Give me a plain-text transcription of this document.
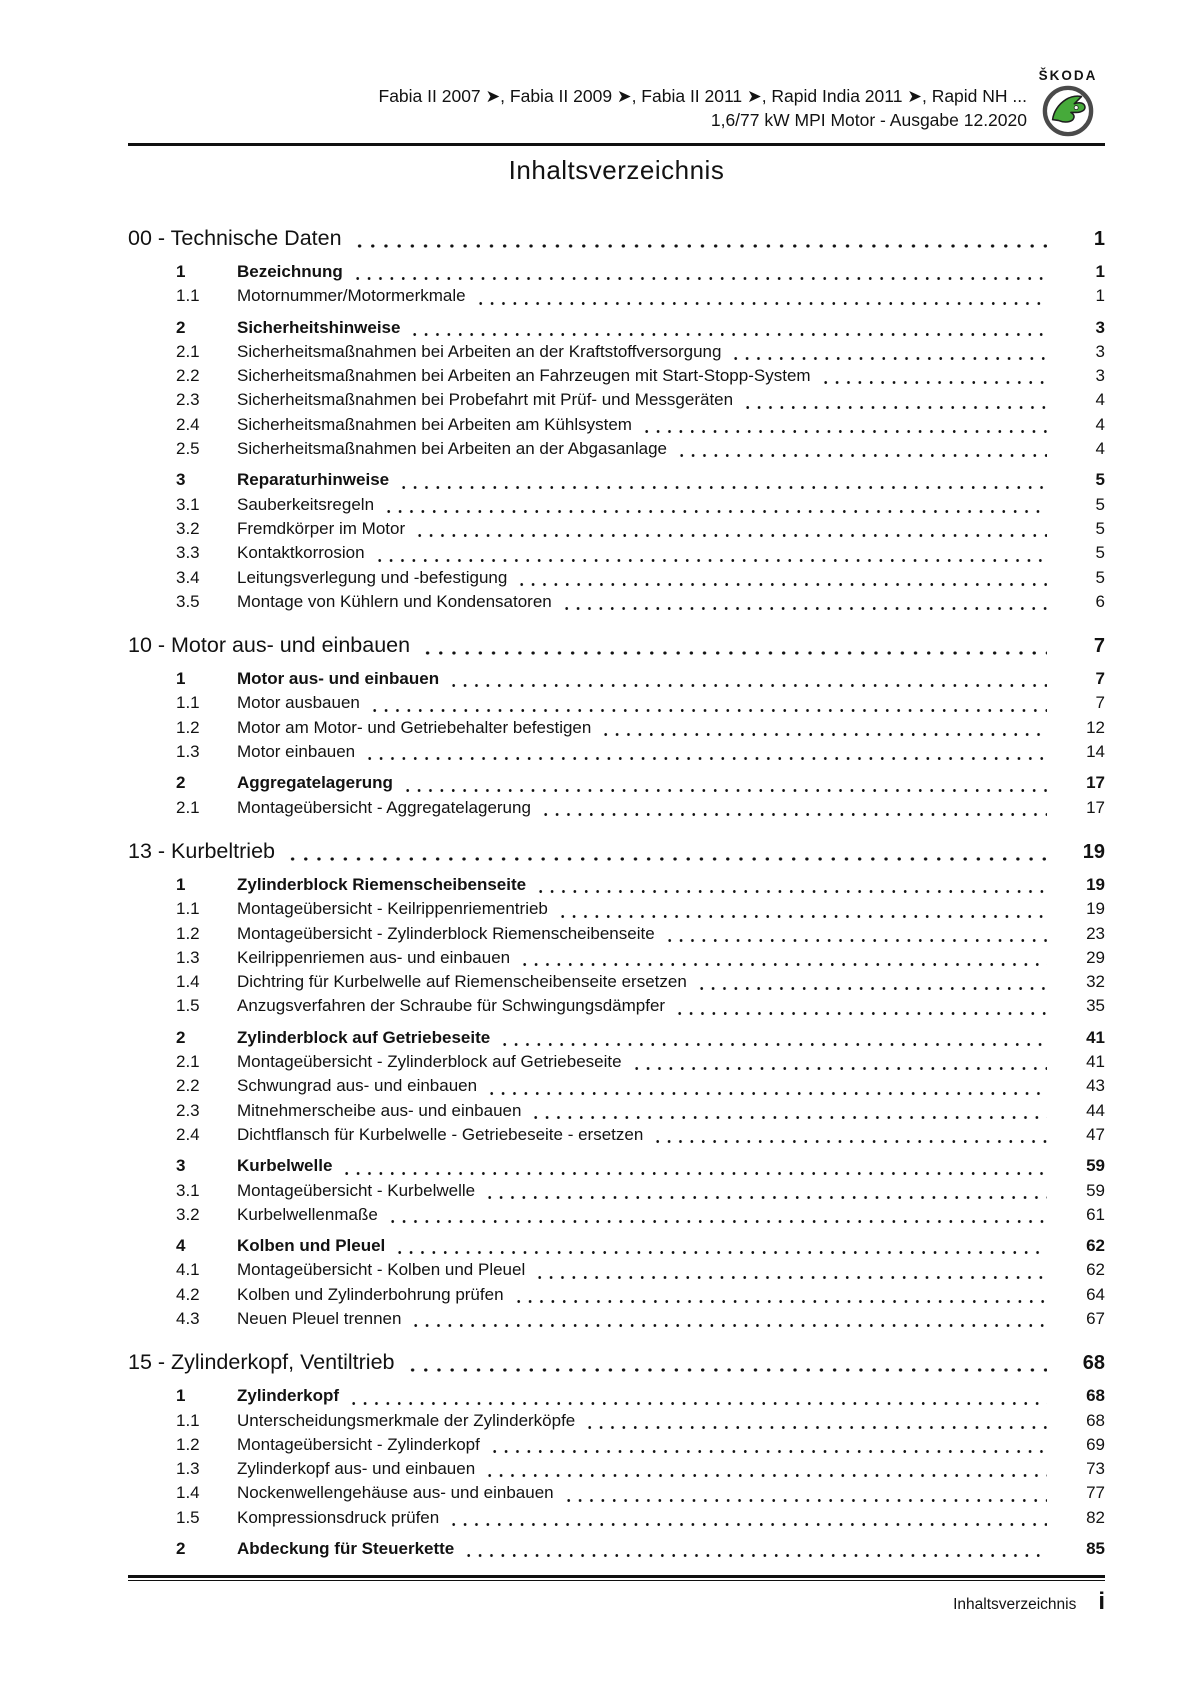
Fabia II 2007 ➤, Fabia II 2009 ➤, Fabia II 2011 ➤, Rapid India 2011 ➤, Rapid NH ...
1,6/77 kW MPI Motor - Ausgabe 12.2020
ŠKODA
Inhaltsverzeichnis
00 - Technische Daten	1
1	Bezeichnung	1
1.1	Motornummer/Motormerkmale	1
2	Sicherheitshinweise	3
2.1	Sicherheitsmaßnahmen bei Arbeiten an der Kraftstoffversorgung	3
2.2	Sicherheitsmaßnahmen bei Arbeiten an Fahrzeugen mit Start-Stopp-System	3
2.3	Sicherheitsmaßnahmen bei Probefahrt mit Prüf- und Messgeräten	4
2.4	Sicherheitsmaßnahmen bei Arbeiten am Kühlsystem	4
2.5	Sicherheitsmaßnahmen bei Arbeiten an der Abgasanlage	4
3	Reparaturhinweise	5
3.1	Sauberkeitsregeln	5
3.2	Fremdkörper im Motor	5
3.3	Kontaktkorrosion	5
3.4	Leitungsverlegung und -befestigung	5
3.5	Montage von Kühlern und Kondensatoren	6
10 - Motor aus- und einbauen	7
1	Motor aus- und einbauen	7
1.1	Motor ausbauen	7
1.2	Motor am Motor- und Getriebehalter befestigen	12
1.3	Motor einbauen	14
2	Aggregatelagerung	17
2.1	Montageübersicht - Aggregatelagerung	17
13 - Kurbeltrieb	19
1	Zylinderblock Riemenscheibenseite	19
1.1	Montageübersicht - Keilrippenriementrieb	19
1.2	Montageübersicht - Zylinderblock Riemenscheibenseite	23
1.3	Keilrippenriemen aus- und einbauen	29
1.4	Dichtring für Kurbelwelle auf Riemenscheibenseite ersetzen	32
1.5	Anzugsverfahren der Schraube für Schwingungsdämpfer	35
2	Zylinderblock auf Getriebeseite	41
2.1	Montageübersicht - Zylinderblock auf Getriebeseite	41
2.2	Schwungrad aus- und einbauen	43
2.3	Mitnehmerscheibe aus- und einbauen	44
2.4	Dichtflansch für Kurbelwelle - Getriebeseite - ersetzen	47
3	Kurbelwelle	59
3.1	Montageübersicht - Kurbelwelle	59
3.2	Kurbelwellenmaße	61
4	Kolben und Pleuel	62
4.1	Montageübersicht - Kolben und Pleuel	62
4.2	Kolben und Zylinderbohrung prüfen	64
4.3	Neuen Pleuel trennen	67
15 - Zylinderkopf, Ventiltrieb	68
1	Zylinderkopf	68
1.1	Unterscheidungsmerkmale der Zylinderköpfe	68
1.2	Montageübersicht - Zylinderkopf	69
1.3	Zylinderkopf aus- und einbauen	73
1.4	Nockenwellengehäuse aus- und einbauen	77
1.5	Kompressionsdruck prüfen	82
2	Abdeckung für Steuerkette	85
Inhaltsverzeichnis i
